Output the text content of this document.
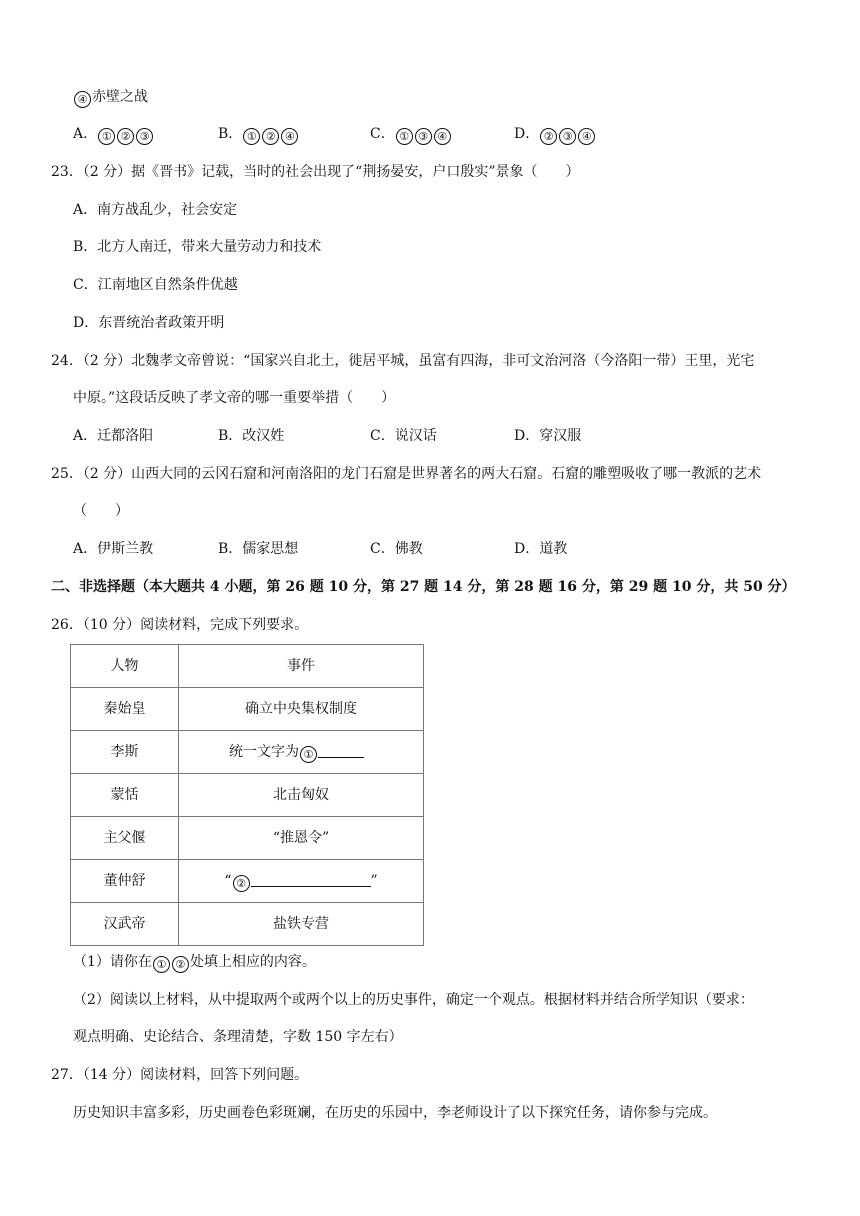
④ 赤壁之战
A． ① ② ③	B． ① ② ④	C． ① ③ ④	D． ② ③ ④
23．（2 分）据《晋书》记载，当时的社会出现了“荆扬晏安，户口殷实”景象（　　）
A．南方战乱少，社会安定
B．北方人南迁，带来大量劳动力和技术
C．江南地区自然条件优越
D．东晋统治者政策开明
24．（2 分）北魏孝文帝曾说：“国家兴自北土，徙居平城，虽富有四海，非可文治河洛（今洛阳一带）王里，光宅
中原。”这段话反映了孝文帝的哪一重要举措（　　）
A．迁都洛阳	B．改汉姓	C．说汉话	D．穿汉服
25．（2 分）山西大同的云冈石窟和河南洛阳的龙门石窟是世界著名的两大石窟。石窟的雕塑吸收了哪一教派的艺术
（　　）
A．伊斯兰教	B．儒家思想	C．佛教	D．道教
二、非选择题（本大题共 4 小题，第 26 题 10 分，第 27 题 14 分，第 28 题 16 分，第 29 题 10 分，共 50 分）
26．（10 分）阅读材料，完成下列要求。
人物	事件
秦始皇	确立中央集权制度
李斯	统一文字为 ①
蒙恬	北击匈奴
主父偃	“推恩令”
董仲舒	“ ② ”
汉武帝	盐铁专营
（1）请你在 ① ② 处填上相应的内容。
（2）阅读以上材料，从中提取两个或两个以上的历史事件，确定一个观点。根据材料并结合所学知识（要求：
观点明确、史论结合、条理清楚，字数 150 字左右）
27．（14 分）阅读材料，回答下列问题。
历史知识丰富多彩，历史画卷色彩斑斓，在历史的乐园中，李老师设计了以下探究任务，请你参与完成。
